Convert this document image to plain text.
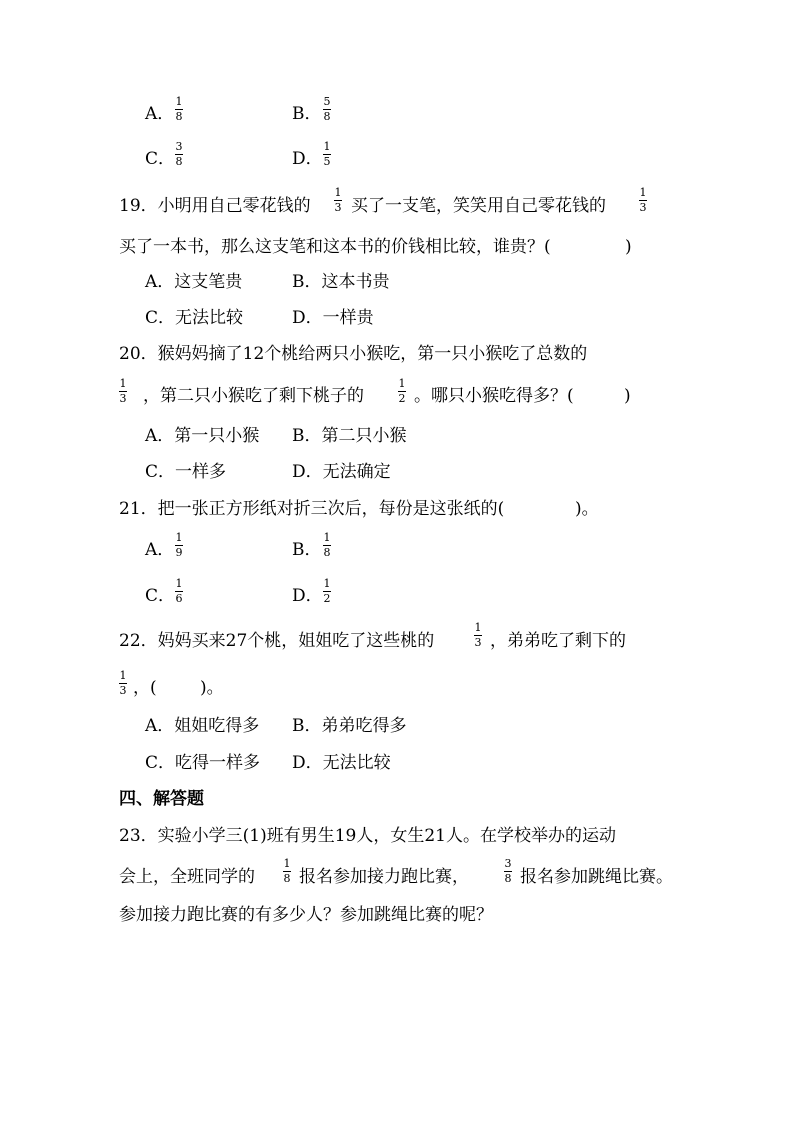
A．
1
8	B．
5
8
C．
3
8	D．
1
5
19．小明用自己零花钱的
1
3 买了一支笔，笑笑用自己零花钱的
1
3
买了一本书，那么这支笔和这本书的价钱相比较，谁贵？(	)
A．这支笔贵	B．这本书贵
C．无法比较	D．一样贵
20．猴妈妈摘了12个桃给两只小猴吃，第一只小猴吃了总数的
1
3 ，第二只小猴吃了剩下桃子的
1
2 。哪只小猴吃得多？(	)
A．第一只小猴 B．第二只小猴
C．一样多	D．无法确定
21．把一张正方形纸对折三次后，每份是这张纸的(	)。
A．
1
9	B．
1
8
C．
1
6	D．
1
2
22．妈妈买来27个桃，姐姐吃了这些桃的
1
3 ，弟弟吃了剩下的
1
3 ，(	)。
A．姐姐吃得多 B．弟弟吃得多
C．吃得一样多 D．无法比较
四、解答题
23．实验小学三(1)班有男生19人，女生21人。在学校举办的运动
会上，全班同学的
1
8 报名参加接力跑比赛，
3
8 报名参加跳绳比赛。
参加接力跑比赛的有多少人？参加跳绳比赛的呢？
